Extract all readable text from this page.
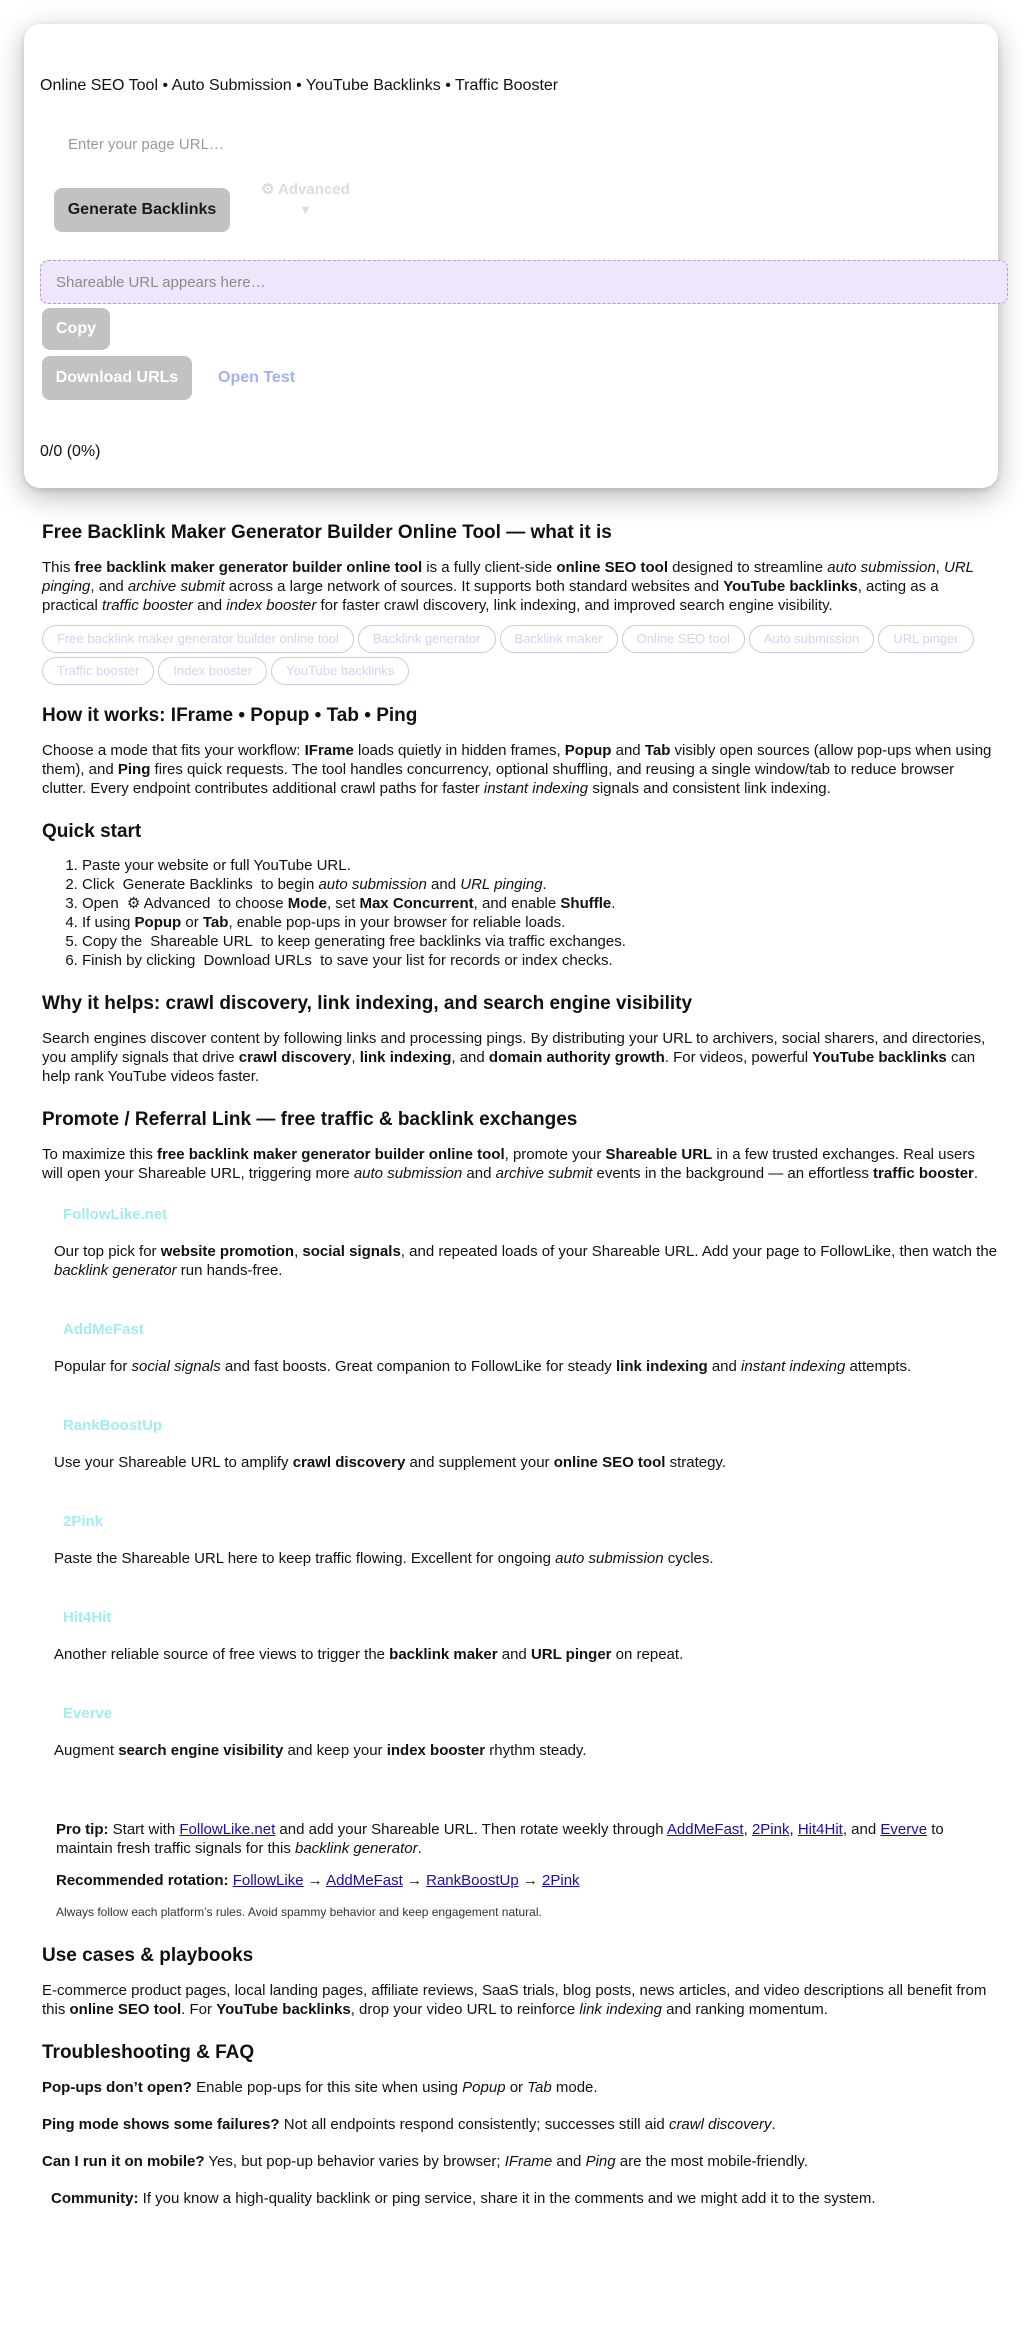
Online SEO Tool • Auto Submission • YouTube Backlinks • Traffic Booster

Enter your page URL…
Generate Backlinks
⚙ Advanced
▼
Shareable URL appears here…
Copy
Download URLs	Open Test

0/0 (0%)

Free Backlink Maker Generator Builder Online Tool — what it is

This free backlink maker generator builder online tool is a fully client-side online SEO tool designed to streamline auto submission, URL pinging, and archive submit across a large network of sources. It supports both standard websites and YouTube backlinks, acting as a practical traffic booster and index booster for faster crawl discovery, link indexing, and improved search engine visibility.

Free backlink maker generator builder online tool	Backlink generator	Backlink maker	Online SEO tool	Auto submission	URL pingerTraffic booster	Index booster	YouTube backlinks
How it works: IFrame • Popup • Tab • Ping

Choose a mode that fits your workflow: IFrame loads quietly in hidden frames, Popup and Tab visibly open sources (allow pop-ups when using them), and Ping fires quick requests. The tool handles concurrency, optional shuffling, and reusing a single window/tab to reduce browser clutter. Every endpoint contributes additional crawl paths for faster instant indexing signals and consistent link indexing.

Quick start
1. Paste your website or full YouTube URL.
2. Click Generate Backlinks to begin auto submission and URL pinging.
3. Open ⚙ Advanced to choose Mode, set Max Concurrent, and enable Shuffle.
4. If using Popup or Tab, enable pop-ups in your browser for reliable loads.
5. Copy the Shareable URL to keep generating free backlinks via traffic exchanges.
6. Finish by clicking Download URLs to save your list for records or index checks.
Why it helps: crawl discovery, link indexing, and search engine visibility

Search engines discover content by following links and processing pings. By distributing your URL to archivers, social sharers, and directories, you amplify signals that drive crawl discovery, link indexing, and domain authority growth. For videos, powerful YouTube backlinks can help rank YouTube videos faster.

Promote / Referral Link — free traffic & backlink exchanges

To maximize this free backlink maker generator builder online tool, promote your Shareable URL in a few trusted exchanges. Real users will open your Shareable URL, triggering more auto submission and archive submit events in the background — an effortless traffic booster.

FollowLike.net

Our top pick for website promotion, social signals, and repeated loads of your Shareable URL. Add your page to FollowLike, then watch the backlink generator run hands-free.

AddMeFast

Popular for social signals and fast boosts. Great companion to FollowLike for steady link indexing and instant indexing attempts.

RankBoostUp

Use your Shareable URL to amplify crawl discovery and supplement your online SEO tool strategy.

2Pink

Paste the Shareable URL here to keep traffic flowing. Excellent for ongoing auto submission cycles.

Hit4Hit

Another reliable source of free views to trigger the backlink maker and URL pinger on repeat.

Everve

Augment search engine visibility and keep your index booster rhythm steady.

Pro tip: Start with FollowLike.net and add your Shareable URL. Then rotate weekly through AddMeFast, 2Pink, Hit4Hit, and Everve to maintain fresh traffic signals for this backlink generator.

Recommended rotation: FollowLike → AddMeFast → RankBoostUp → 2Pink

Always follow each platform’s rules. Avoid spammy behavior and keep engagement natural.

Use cases & playbooks

E-commerce product pages, local landing pages, affiliate reviews, SaaS trials, blog posts, news articles, and video descriptions all benefit from this online SEO tool. For YouTube backlinks, drop your video URL to reinforce link indexing and ranking momentum.

Troubleshooting & FAQ

Pop-ups don’t open? Enable pop-ups for this site when using Popup or Tab mode.

Ping mode shows some failures? Not all endpoints respond consistently; successes still aid crawl discovery.

Can I run it on mobile? Yes, but pop-up behavior varies by browser; IFrame and Ping are the most mobile-friendly.

Community: If you know a high-quality backlink or ping service, share it in the comments and we might add it to the system.
